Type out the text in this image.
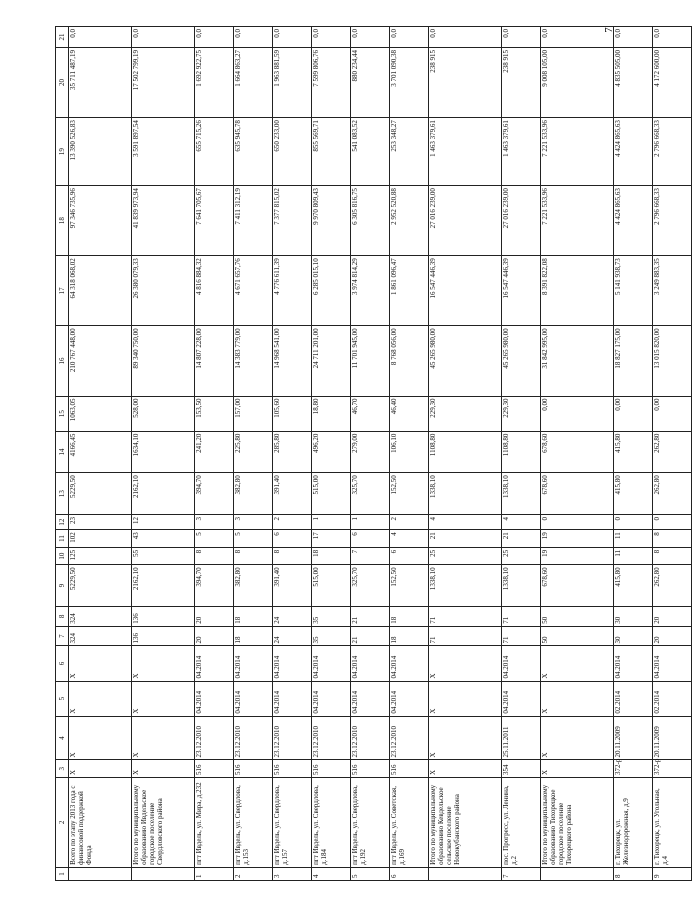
7
1	2	3	4	5	6	7	8	9	10	11	12	13	14	15	16	17	18	19	20	21
	Всего по этапу 2013 года с финансовой поддержкой Фонда	X	X	X	X	324	324	5229,50	125	102	23	5229,50	4166,45	1063,05	210 767 448,00	64 318 068,02	97 346 735,96	13 390 526,83	35 711 487,19	0,0
	Итого по муниципальному образованию Ивдельское городское поселение Свердловского района	X	X	X	X	136	136	2162,10	55	43	12	2162,10	1634,10	528,00	89 340 750,00	26 380 079,33	41 839 973,94	3 591 897,54	17 502 799,19	0,0
1	пгт Ивдель, ул. Мира, д.232	516	23.12.2010	04.2014	04.2014	20	20	394,70	8	5	3	394,70	241,20	153,50	14 807 228,00	4 816 884,32	7 641 705,67	655 715,26	1 692 922,75	0,0
2	пгт Ивдель, ул. Свердлова, д.153	516	23.12.2010	04.2014	04.2014	18	18	382,80	8	5	3	382,80	225,80	157,00	14 383 779,00	4 671 657,76	7 411 312,19	635 945,78	1 664 863,27	0,0
3	пгт Ивдель, ул. Свердлова, д.157	516	23.12.2010	04.2014	04.2014	24	24	391,40	8	6	2	391,40	285,80	105,60	14 968 541,00	4 776 611,39	7 377 815,02	650 233,00	1 963 881,59	0,0
4	пгт Ивдель, ул. Свердлова, д.184	516	23.12.2010	04.2014	04.2014	35	35	515,00	18	17	1	515,00	496,20	18,80	24 711 201,00	6 285 015,10	9 970 809,43	855 569,71	7 599 806,76	0,0
5	пгт Ивдель, ул. Свердлова, д.192	516	23.12.2010	04.2014	04.2014	21	21	325,70	7	6	1	325,70	279,00	46,70	11 701 945,00	3 974 814,29	6 305 816,75	541 083,52	880 234,44	0,0
6	пгт Ивдель, ул. Советская, д.169	516	23.12.2010	04.2014	04.2014	18	18	152,50	6	4	2	152,50	106,10	46,40	8 768 056,00	1 861 096,47	2 952 520,88	253 348,27	3 701 090,38	0,0
	Итого по муниципальному образованию Кевдельское сельское поселение Новокубанского района	X	X	X	X	71	71	1338,10	25	21	4	1338,10	1108,80	229,30	45 265 980,00	16 547 446,39	27 016 239,00	1 463 379,61	238 915	0,0
7	пос. Прогресс, ул. Ленина, д.2	354	25.11.2011	04.2014	04.2014	71	71	1338,10	25	21	4	1338,10	1108,80	229,30	45 265 980,00	16 547 446,39	27 016 239,00	1 463 379,61	238 915	0,0
	Итого по муниципальному образованию Тихорецкое городское поселение Тихорецкого района	X	X	X	X	50	50	678,60	19	19	0	678,60	678,60	0,00	31 842 995,00	8 391 822,08	7 221 533,96	7 221 533,96	9 008 105,00	0,0
8	г. Тихорецк, ул. Железнодорожная, д.9	372-р	20.11.2009	02.2014	04.2014	30	30	415,80	11	11	0	415,80	415,80	0,00	18 827 175,00	5 141 938,73	4 424 865,63	4 424 865,63	4 835 505,00	0,0
9	г. Тихорецк, ул. Угольная, д.4	372-р	20.11.2009	02.2014	04.2014	20	20	262,80	8	8	0	262,80	262,80	0,00	13 015 820,00	3 249 883,35	2 796 668,33	2 796 668,33	4 172 600,00	0,0
